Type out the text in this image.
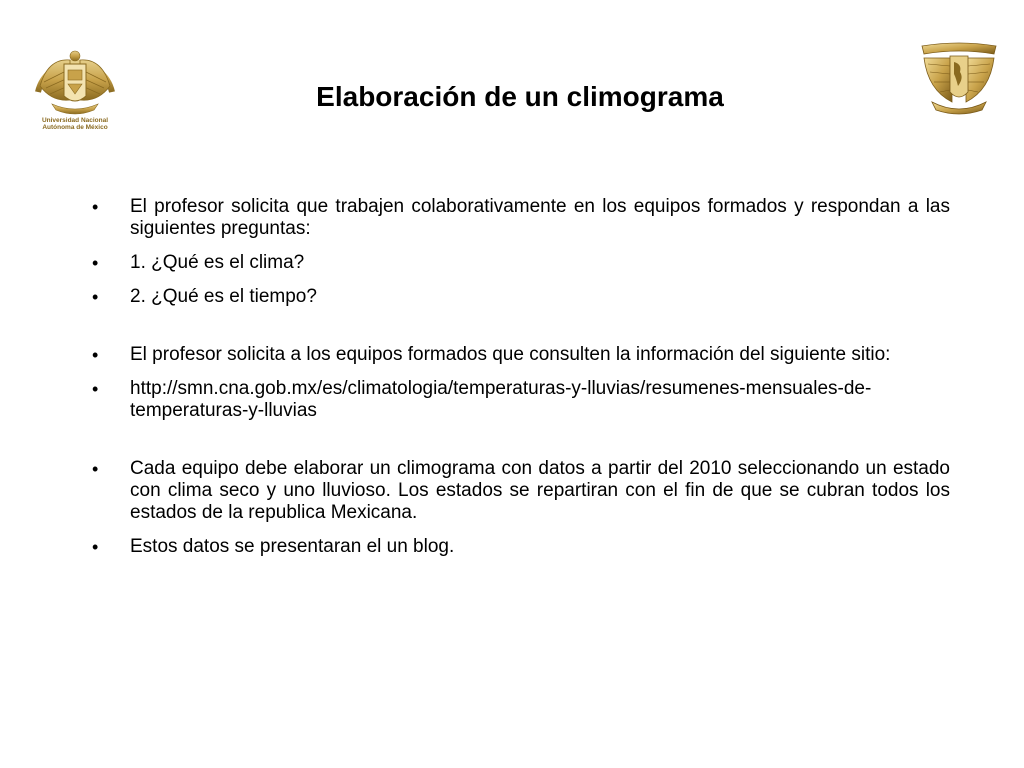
Universidad Nacional
Autónoma de México
Elaboración de un climograma
• El profesor solicita que trabajen colaborativamente en los equipos formados y respondan a las siguientes preguntas:
• 1. ¿Qué es el clima?
• 2. ¿Qué es el tiempo?
• El profesor solicita a los equipos formados que consulten la información del siguiente sitio:
• http://smn.cna.gob.mx/es/climatologia/temperaturas-y-lluvias/resumenes-mensuales-de-temperaturas-y-lluvias
• Cada equipo debe elaborar un climograma con datos a partir del 2010 seleccionando un estado con clima seco y uno lluvioso. Los estados se repartiran con el fin de que se cubran todos los estados de la republica Mexicana.
• Estos datos se presentaran el un blog.
